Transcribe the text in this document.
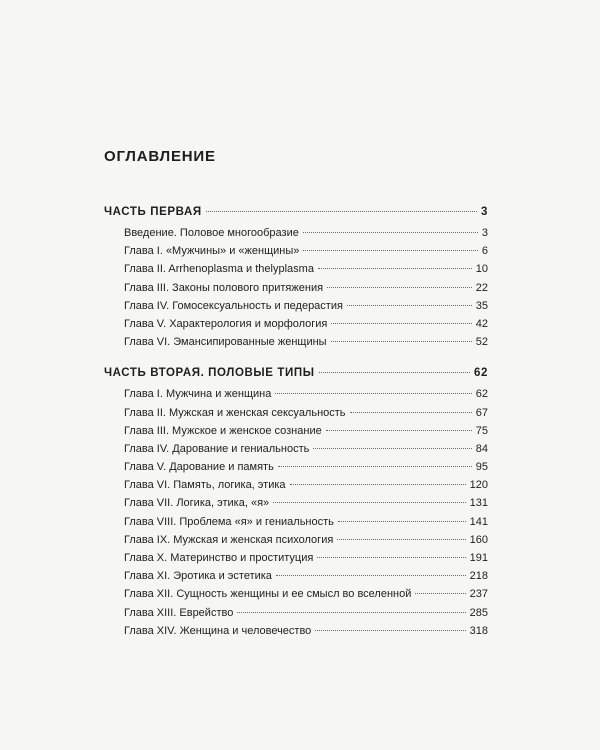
ОГЛАВЛЕНИЕ
ЧАСТЬ ПЕРВАЯ	3
Введение. Половое многообразие	3
Глава I. «Мужчины» и «женщины»	6
Глава II. Arrhenoplasma и thelyplasma	10
Глава III. Законы полового притяжения	22
Глава IV. Гомосексуальность и педерастия	35
Глава V. Характерология и морфология	42
Глава VI. Эмансипированные женщины	52
ЧАСТЬ ВТОРАЯ. ПОЛОВЫЕ ТИПЫ	62
Глава I. Мужчина и женщина	62
Глава II. Мужская и женская сексуальность	67
Глава III. Мужское и женское сознание	75
Глава IV. Дарование и гениальность	84
Глава V. Дарование и память	95
Глава VI. Память, логика, этика	120
Глава VII. Логика, этика, «я»	131
Глава VIII. Проблема «я» и гениальность	141
Глава IX. Мужская и женская психология	160
Глава X. Материнство и проституция	191
Глава XI. Эротика и эстетика	218
Глава XII. Сущность женщины и ее смысл во вселенной	237
Глава XIII. Еврейство	285
Глава XIV. Женщина и человечество	318
